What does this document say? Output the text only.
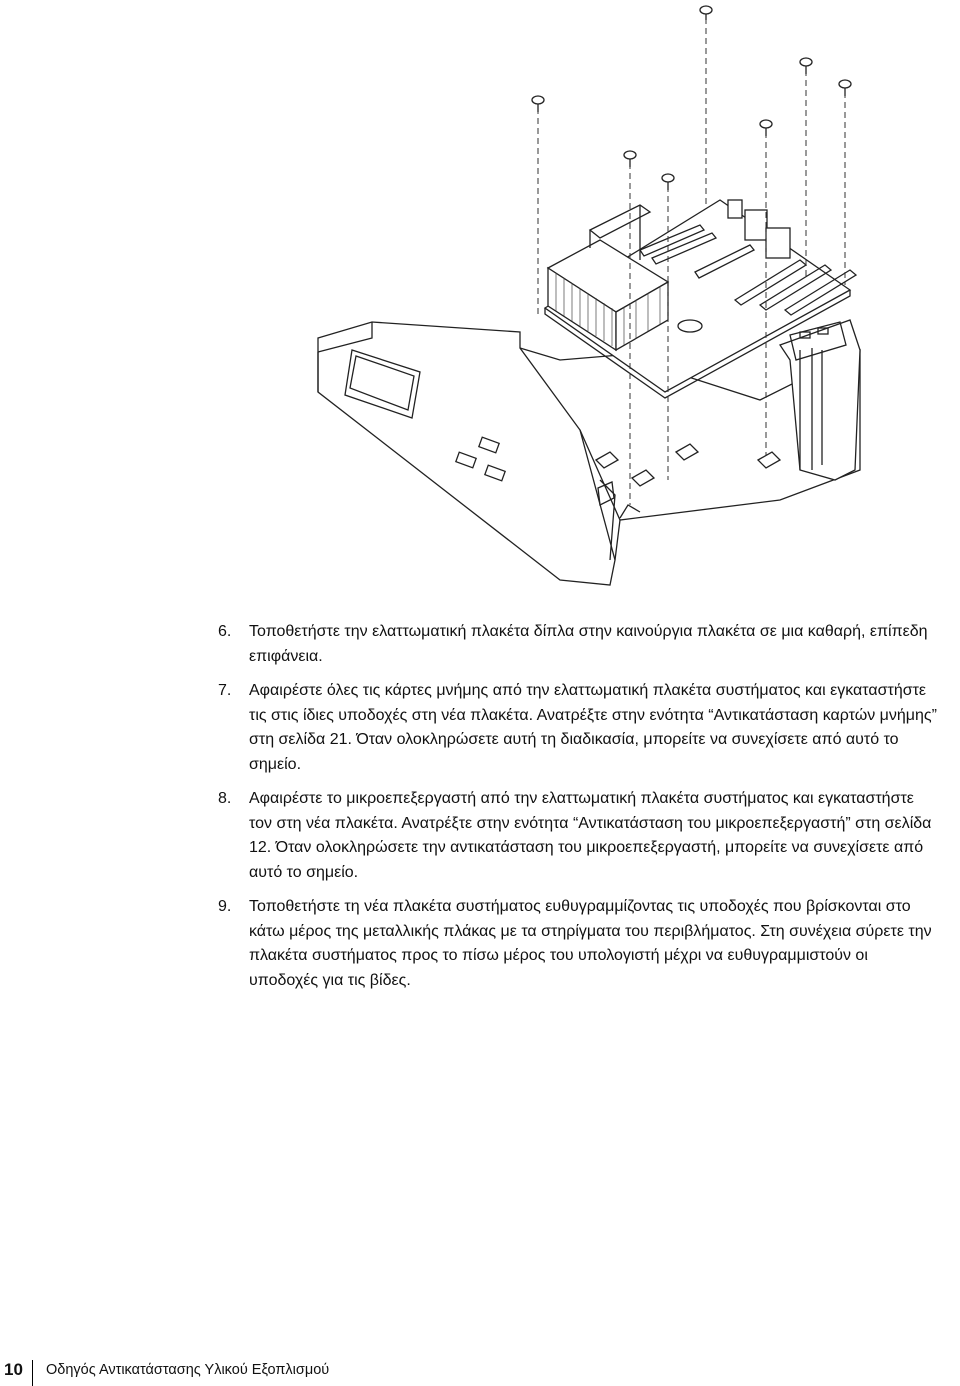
6.	Τοποθετήστε την ελαττωματική πλακέτα δίπλα στην καινούργια πλακέτα σε μια καθαρή, επίπεδη επιφάνεια.
7.	Αφαιρέστε όλες τις κάρτες μνήμης από την ελαττωματική πλακέτα συστήματος και εγκαταστήστε τις στις ίδιες υποδοχές στη νέα πλακέτα. Ανατρέξτε στην ενότητα “Αντικατάσταση καρτών μνήμης” στη σελίδα 21. Όταν ολοκληρώσετε αυτή τη διαδικασία, μπορείτε να συνεχίσετε από αυτό το σημείο.
8.	Αφαιρέστε το μικροεπεξεργαστή από την ελαττωματική πλακέτα συστήματος και εγκαταστήστε τον στη νέα πλακέτα. Ανατρέξτε στην ενότητα “Αντικατάσταση του μικροεπεξεργαστή” στη σελίδα 12. Όταν ολοκληρώσετε την αντικατάσταση του μικροεπεξεργαστή, μπορείτε να συνεχίσετε από αυτό το σημείο.
9.	Τοποθετήστε τη νέα πλακέτα συστήματος ευθυγραμμίζοντας τις υποδοχές που βρίσκονται στο κάτω μέρος της μεταλλικής πλάκας με τα στηρίγματα του περιβλήματος. Στη συνέχεια σύρετε την πλακέτα συστήματος προς το πίσω μέρος του υπολογιστή μέχρι να ευθυγραμμιστούν οι υποδοχές για τις βίδες.
10 Οδηγός Αντικατάστασης Υλικού Εξοπλισμού
